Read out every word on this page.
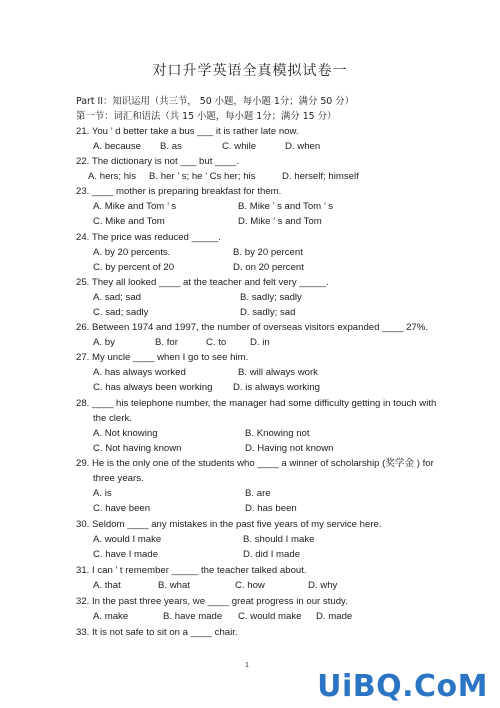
对口升学英语全真模拟试卷一
Part II：知识运用（共三节， 50 小题，每小题 1分；满分 50 分）
第一节：词汇和语法（共 15 小题，每小题 1分；满分 15 分）
21. You ’ d better take a bus ___ it is rather late now.
A. because B. as	C. while	D. when
22. The dictionary is not ___ but ____.
A. hers; his B. her ’ s; he ’ Cs her; his	D. herself; himself
23. ____ mother is preparing breakfast for them.
A. Mike and Tom ’ s	B. Mike ’ s and Tom ’ s
C. Mike and Tom	D. Mike ’ s and Tom
24. The price was reduced _____.
A. by 20 percents.	B. by 20 percent
C. by percent of 20	D. on 20 percent
25. They all looked ____ at the teacher and felt very _____.
A. sad; sad	B. sadly; sadly
C. sad; sadly	D. sadly; sad
26. Between 1974 and 1997, the number of overseas visitors expanded ____ 27%.
A. by	B. for	C. to D. in
27. My uncle ____ when I go to see him.
A. has always worked	B. will always work
C. has always been working D. is always working
28. ____ his telephone number, the manager had some difficulty getting in touch with
the clerk.
A. Not knowing	B. Knowing not
C. Not having known	D. Having not known
29. He is the only one of the students who ____ a winner of scholarship (奖学金 ) for
three years.
A. is	B. are
C. have been	D. has been
30. Seldom ____ any mistakes in the past five years of my service here.
A. would I make	B. should I make
C. have I made	D. did I made
31. I can ’ t remember _____ the teacher talked about.
A. that	B. what	C. how	D. why
32. In the past three years, we ____ great progress in our study.
A. make	B. have made C. would make D. made
33. It is not safe to sit on a ____ chair.
1
UiBQ.CoM
